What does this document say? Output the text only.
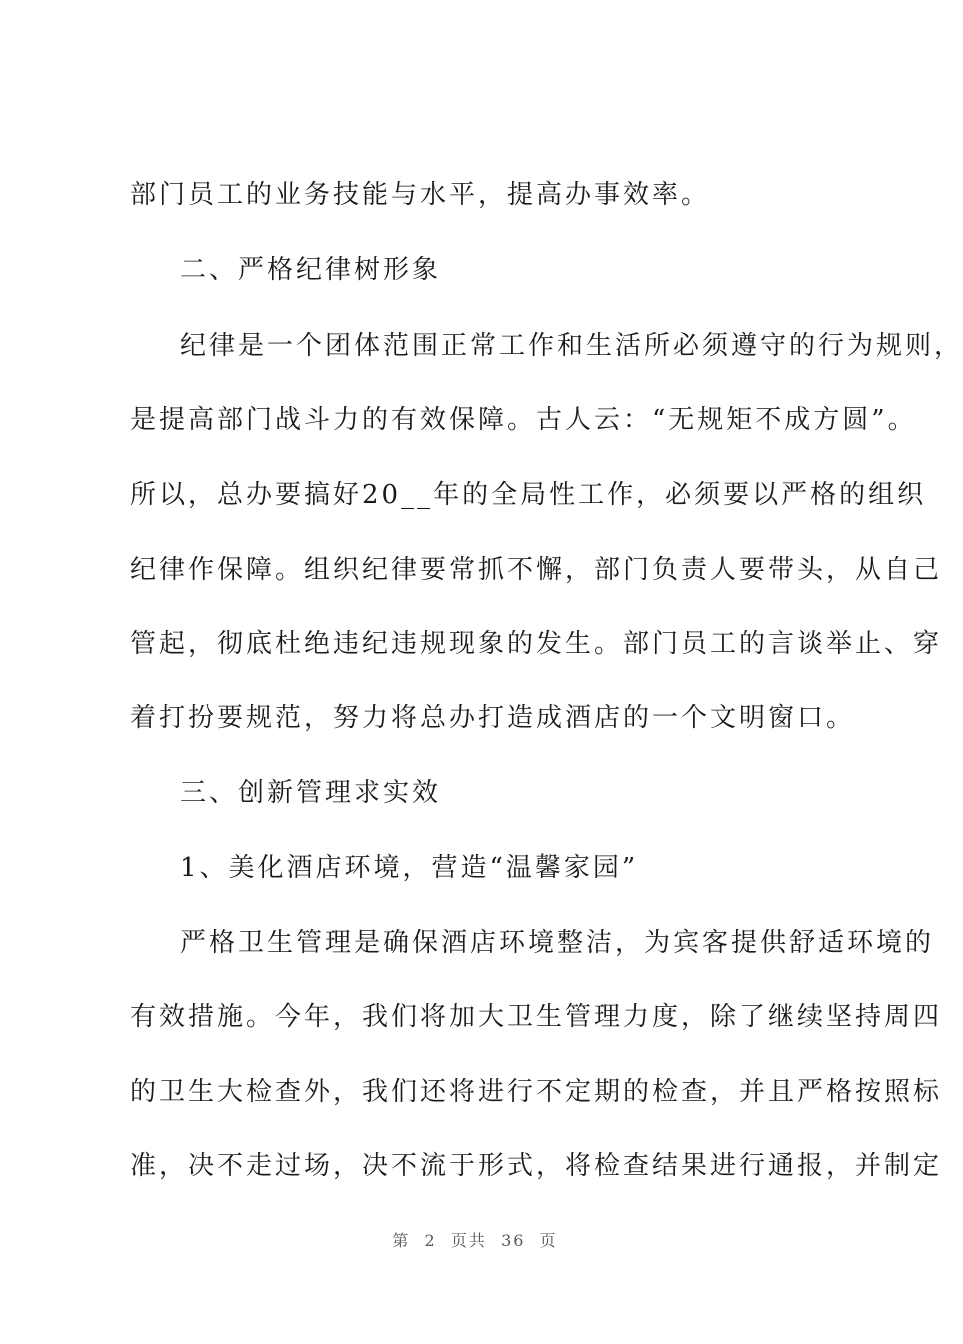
部门员工的业务技能与水平，提高办事效率。
二、严格纪律树形象
纪律是一个团体范围正常工作和生活所必须遵守的行为规则，
是提高部门战斗力的有效保障。古人云：“无规矩不成方圆”。
所以，总办要搞好20__年的全局性工作，必须要以严格的组织
纪律作保障。组织纪律要常抓不懈，部门负责人要带头，从自己
管起，彻底杜绝违纪违规现象的发生。部门员工的言谈举止、穿
着打扮要规范，努力将总办打造成酒店的一个文明窗口。
三、创新管理求实效
1、美化酒店环境，营造“温馨家园”
严格卫生管理是确保酒店环境整洁，为宾客提供舒适环境的
有效措施。今年，我们将加大卫生管理力度，除了继续坚持周四
的卫生大检查外，我们还将进行不定期的检查，并且严格按照标
准，决不走过场，决不流于形式，将检查结果进行通报，并制定
第  2  页共  36  页
